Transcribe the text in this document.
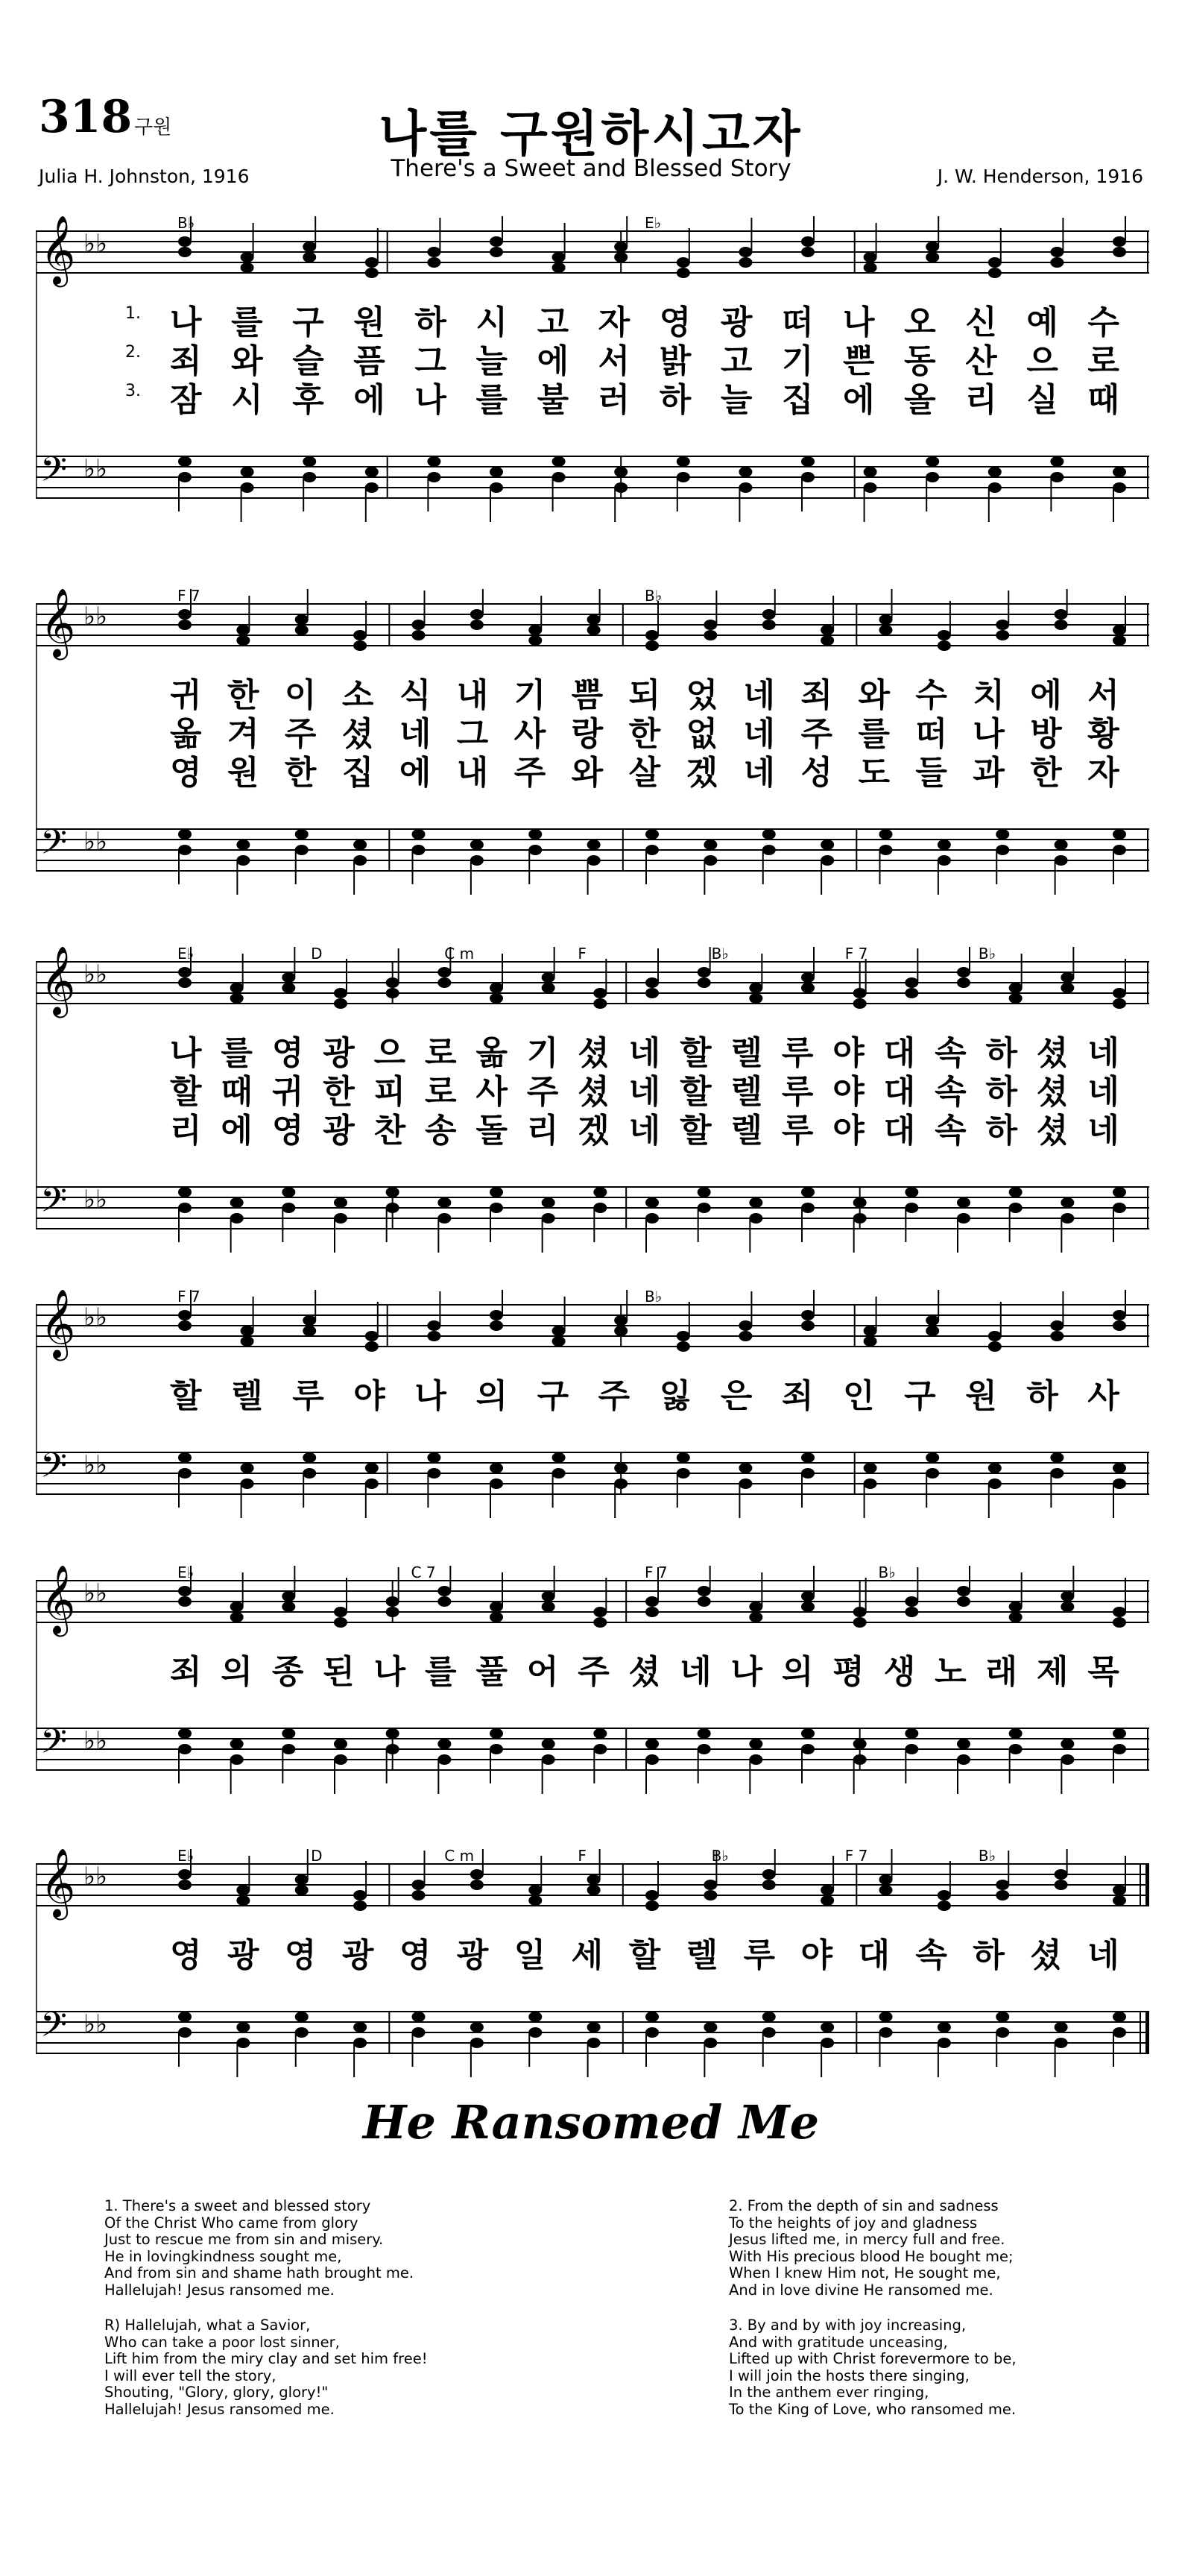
318 구원	나를 구원하시고자
There's a Sweet and Blessed Story
Julia H. Johnston, 1916	J. W. Henderson, 1916
𝄞 ♭♭
𝄢 ♭♭
B♭	E♭
1. 나 를 구 원 하 시 고 자 영 광 떠 나 오 신 예 수
2. 죄 와 슬 픔 그 늘 에 서 밝 고 기 쁜 동 산 으 로
3. 잠 시 후 에 나 를 불 러 하 늘 집 에 올 리 실 때
𝄞 ♭♭
𝄢 ♭♭
F 7	B♭
귀 한 이 소 식 내 기 쁨 되 었 네 죄 와 수 치 에 서
옮 겨 주 셨 네 그 사 랑 한 없 네 주 를 떠 나 방 황
영 원 한 집 에 내 주 와 살 겠 네 성 도 들 과 한 자
𝄞 ♭♭
𝄢 ♭♭
E♭	D	C m	F	B♭	F 7	B♭
나 를 영 광 으 로 옮 기 셨 네 할 렐 루 야 대 속 하 셨 네
할 때 귀 한 피 로 사 주 셨 네 할 렐 루 야 대 속 하 셨 네
리 에 영 광 찬 송 돌 리 겠 네 할 렐 루 야 대 속 하 셨 네
𝄞 ♭♭
𝄢 ♭♭
F 7	B♭
할 렐 루 야 나 의 구 주 잃 은 죄 인 구 원 하 사
𝄞 ♭♭
𝄢 ♭♭
E♭	C 7	F 7	B♭
죄 의 종 된 나 를 풀 어 주 셨 네 나 의 평 생 노 래 제 목
𝄞 ♭♭
𝄢 ♭♭
E♭	D	C m	F	B♭	F 7	B♭
영 광 영 광 영 광 일 세 할 렐 루 야 대 속 하 셨 네
He Ransomed Me
1. There's a sweet and blessed story
Of the Christ Who came from glory
Just to rescue me from sin and misery.
He in lovingkindness sought me,
And from sin and shame hath brought me.
Hallelujah! Jesus ransomed me.
R) Hallelujah, what a Savior,
Who can take a poor lost sinner,
Lift him from the miry clay and set him free!
I will ever tell the story,
Shouting, "Glory, glory, glory!"
Hallelujah! Jesus ransomed me.
2. From the depth of sin and sadness
To the heights of joy and gladness
Jesus lifted me, in mercy full and free.
With His precious blood He bought me;
When I knew Him not, He sought me,
And in love divine He ransomed me.
3. By and by with joy increasing,
And with gratitude unceasing,
Lifted up with Christ forevermore to be,
I will join the hosts there singing,
In the anthem ever ringing,
To the King of Love, who ransomed me.
